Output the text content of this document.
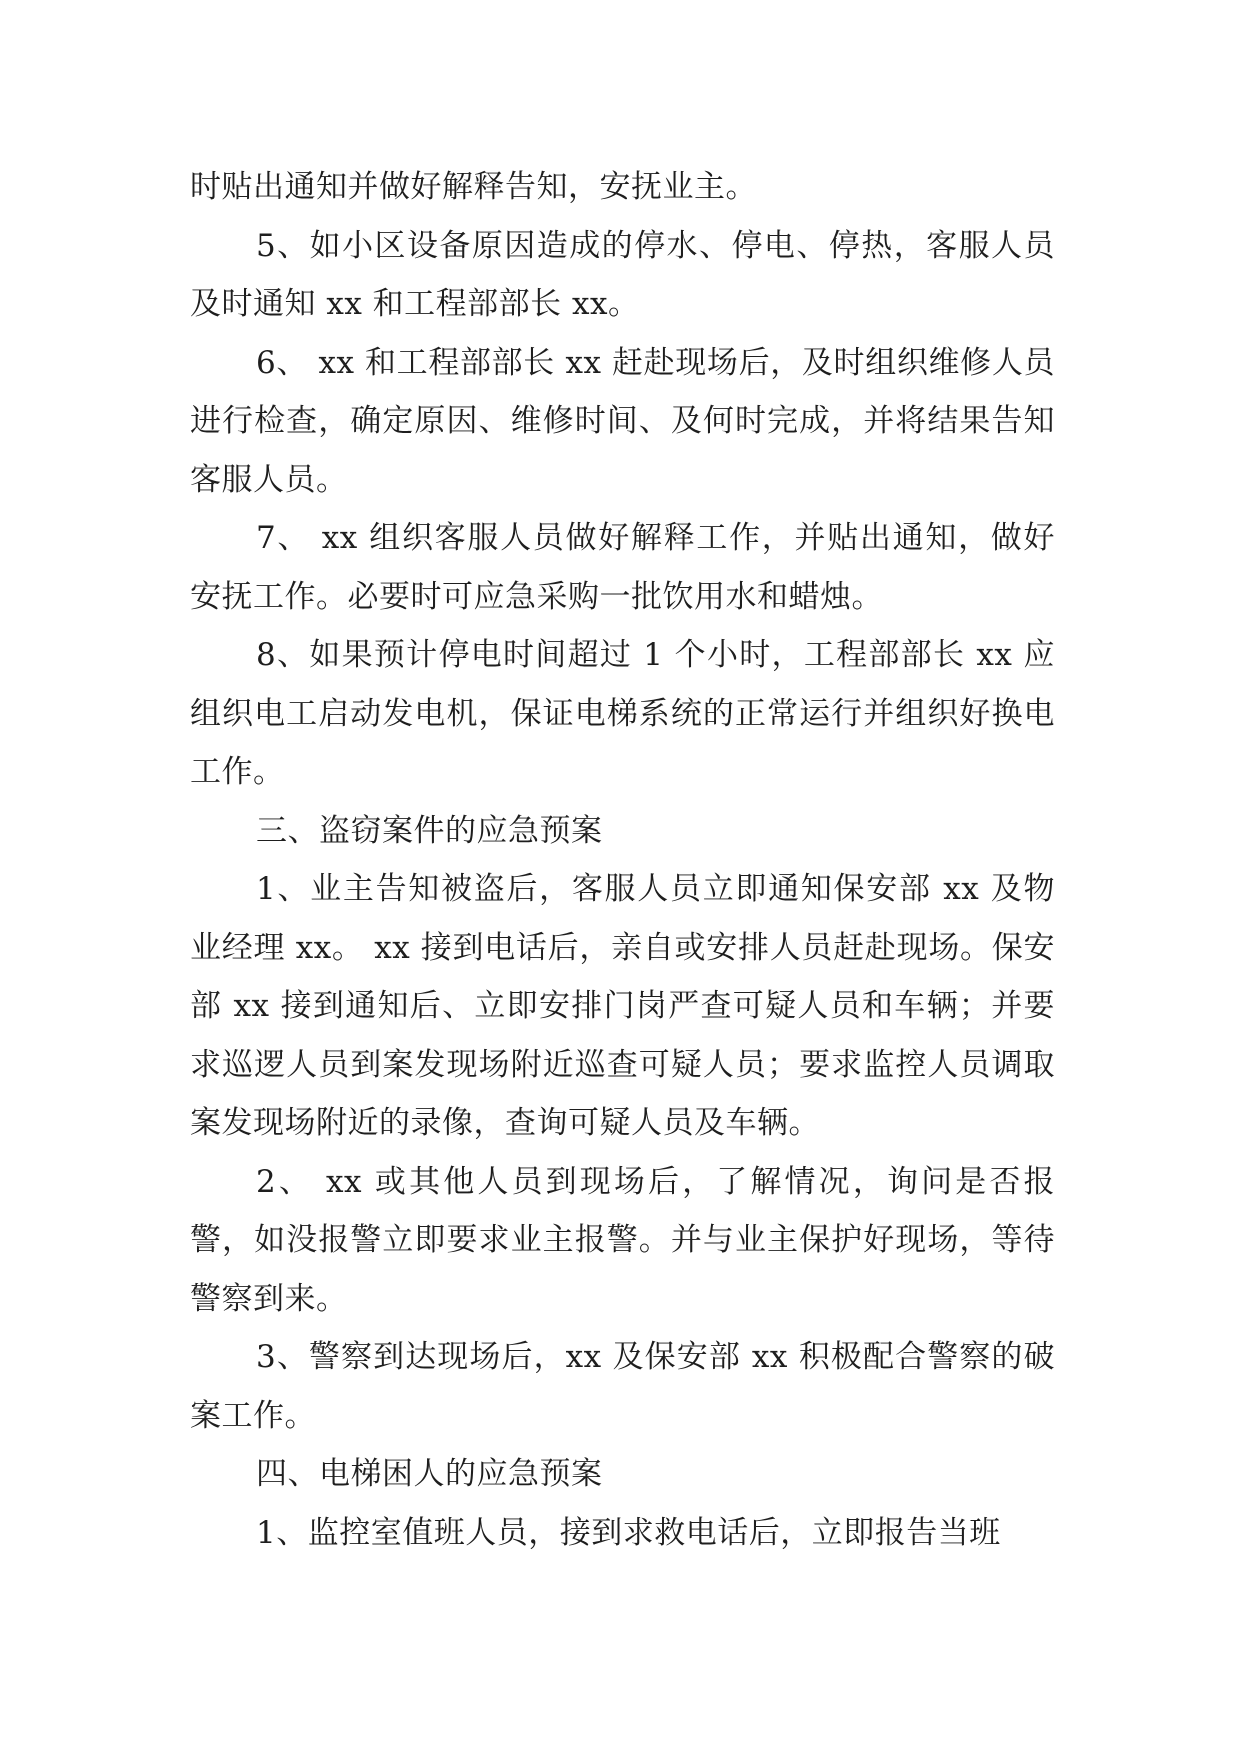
时贴出通知并做好解释告知，安抚业主。

5、如小区设备原因造成的停水、停电、停热，客服人员及时通知 xx 和工程部部长 xx。

6、 xx 和工程部部长 xx 赶赴现场后，及时组织维修人员进行检查，确定原因、维修时间、及何时完成，并将结果告知客服人员。

7、 xx 组织客服人员做好解释工作，并贴出通知，做好安抚工作。必要时可应急采购一批饮用水和蜡烛。

8、如果预计停电时间超过 1 个小时，工程部部长 xx 应组织电工启动发电机，保证电梯系统的正常运行并组织好换电工作。

三、盗窃案件的应急预案

1、业主告知被盗后，客服人员立即通知保安部 xx 及物业经理 xx。 xx 接到电话后，亲自或安排人员赶赴现场。保安部 xx 接到通知后、立即安排门岗严查可疑人员和车辆；并要求巡逻人员到案发现场附近巡查可疑人员；要求监控人员调取案发现场附近的录像，查询可疑人员及车辆。

2、 xx 或其他人员到现场后，了解情况，询问是否报警，如没报警立即要求业主报警。并与业主保护好现场，等待警察到来。

3、警察到达现场后，xx 及保安部 xx 积极配合警察的破案工作。

四、电梯困人的应急预案

1、监控室值班人员，接到求救电话后，立即报告当班
